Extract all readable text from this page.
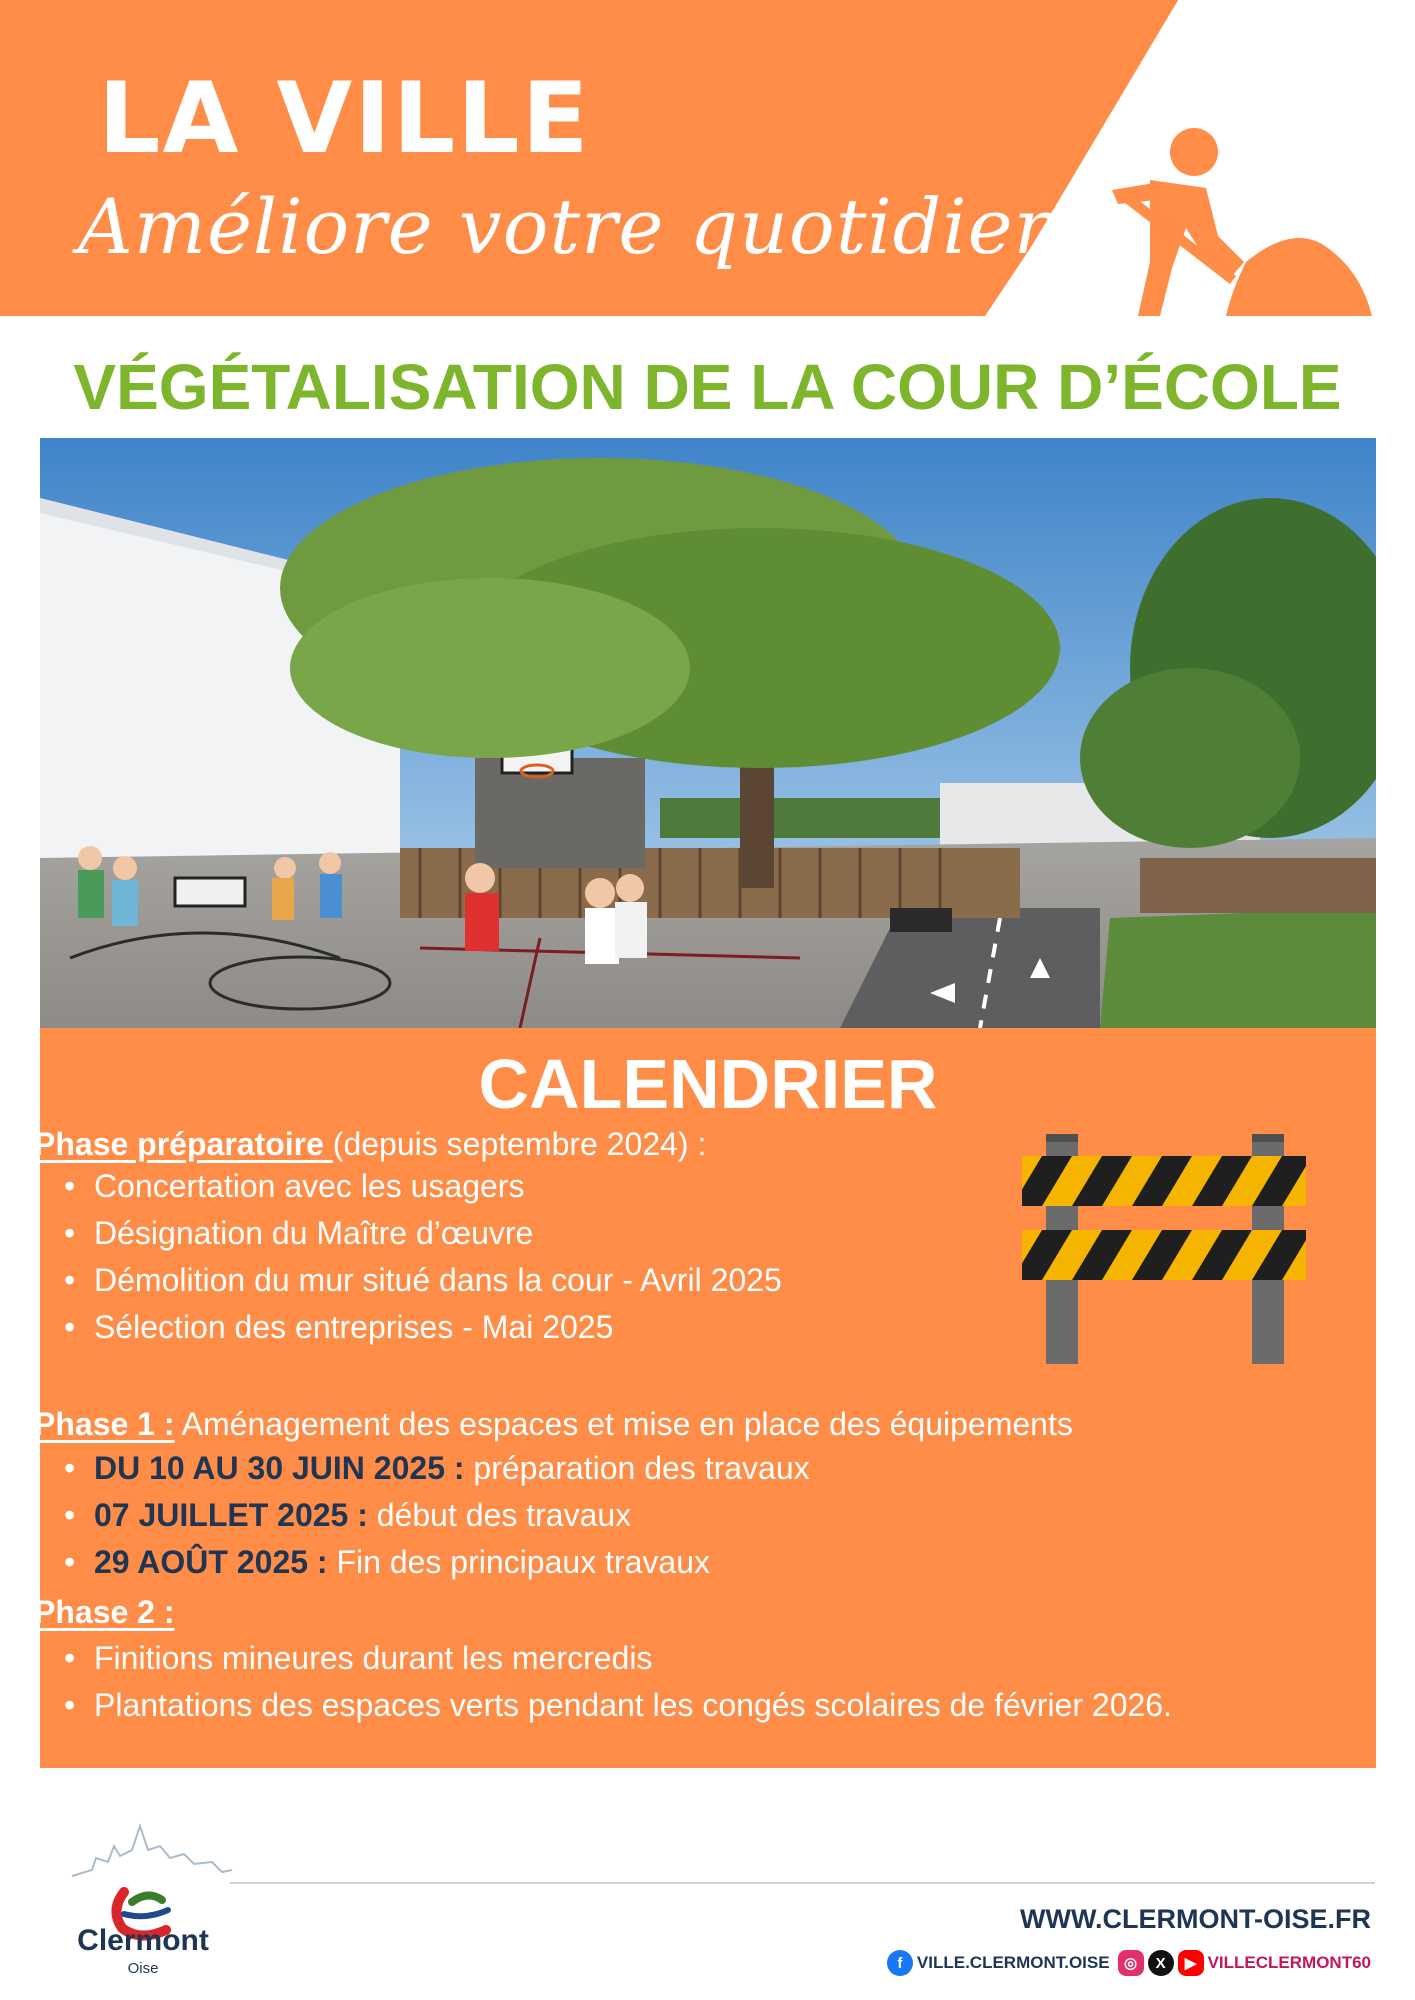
LA VILLE
Améliore votre quotidien
VÉGÉTALISATION DE LA COUR D’ÉCOLE
CALENDRIER
Phase préparatoire (depuis septembre 2024) :
• Concertation avec les usagers
• Désignation du Maître d’œuvre
• Démolition du mur situé dans la cour - Avril 2025
• Sélection des entreprises - Mai 2025
Phase 1 : Aménagement des espaces et mise en place des équipements
• DU 10 AU 30 JUIN 2025 : préparation des travaux
• 07 JUILLET 2025 : début des travaux
• 29 AOÛT 2025 : Fin des principaux travaux
Phase 2 :
• Finitions mineures durant les mercredis
• Plantations des espaces verts pendant les congés scolaires de février 2026.
Clermont
Oise
WWW.CLERMONT-OISE.FR
f VILLE.CLERMONT.OISE ◎	X	▶ VILLECLERMONT60
